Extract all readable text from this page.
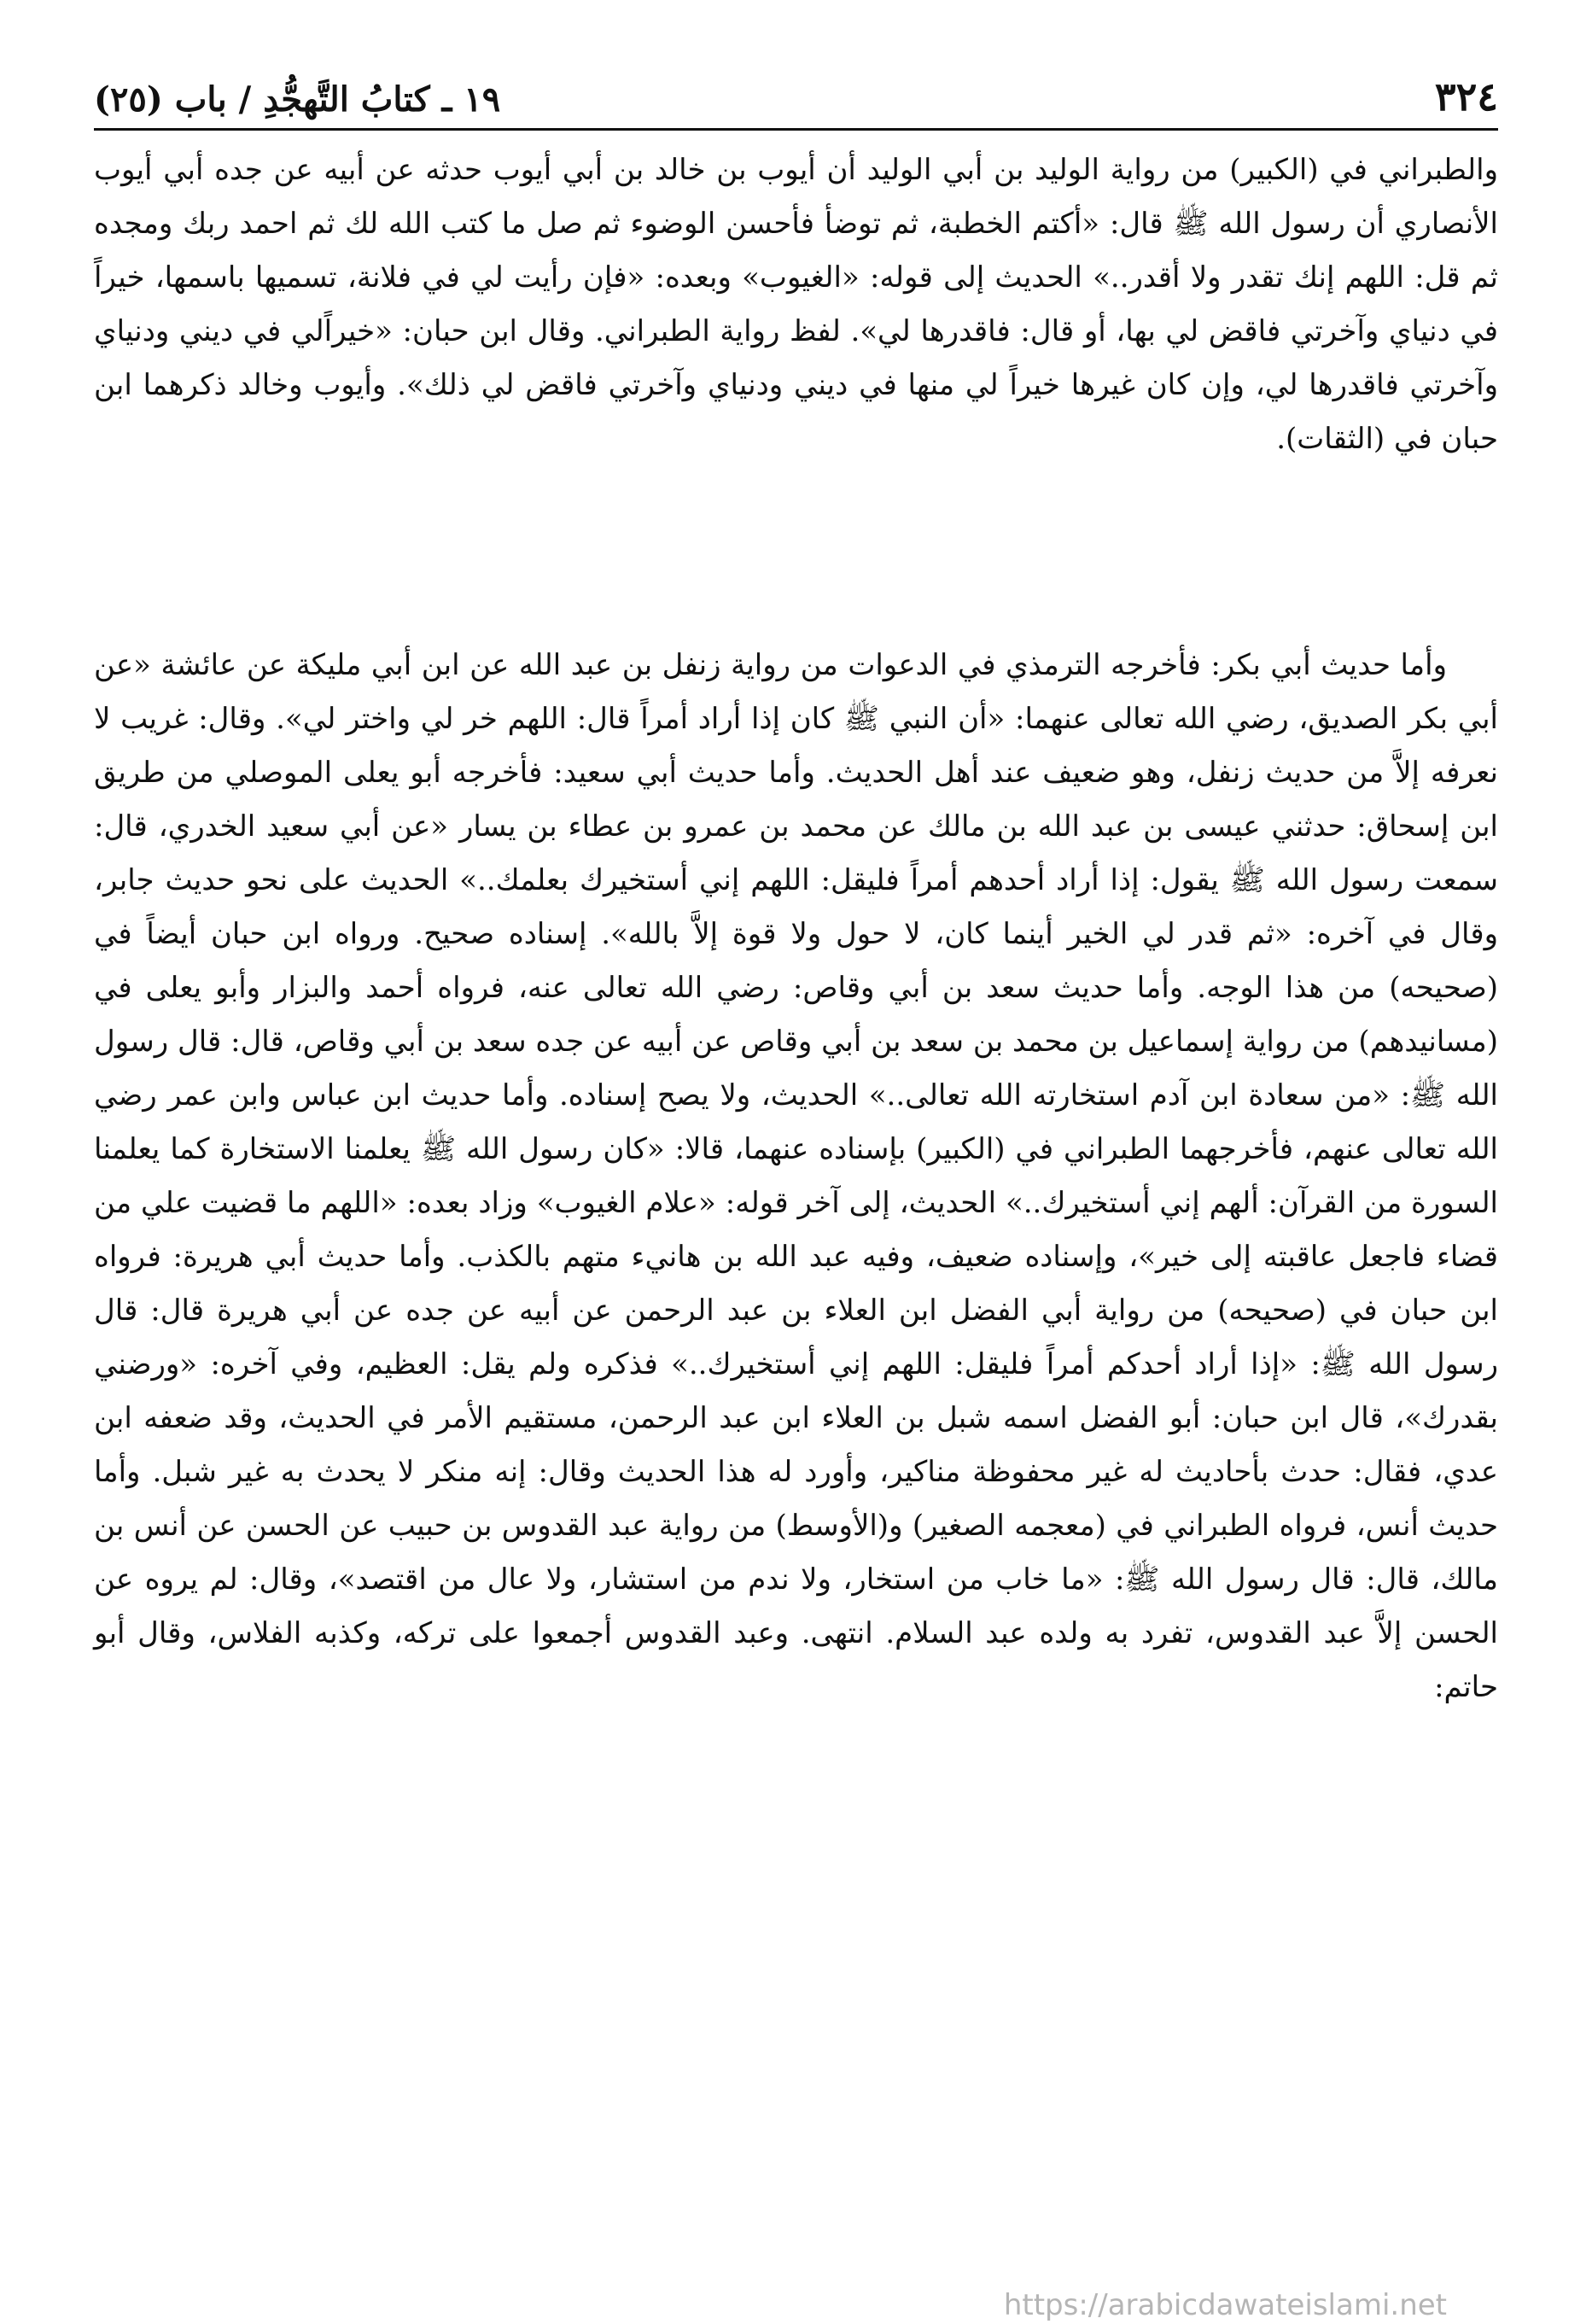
٣٢٤
١٩ ـ كتابُ التَّهجُّدِ / باب (٢٥)

والطبراني في (الكبير) من رواية الوليد بن أبي الوليد أن أيوب بن خالد بن أبي أيوب حدثه عن أبيه عن جده أبي أيوب الأنصاري أن رسول الله ﷺ قال: «أكتم الخطبة، ثم توضأ فأحسن الوضوء ثم صل ما كتب الله لك ثم احمد ربك ومجده ثم قل: اللهم إنك تقدر ولا أقدر..» الحديث إلى قوله: «الغيوب» وبعده: «فإن رأيت لي في فلانة، تسميها باسمها، خيراً في دنياي وآخرتي فاقض لي بها، أو قال: فاقدرها لي». لفظ رواية الطبراني. وقال ابن حبان: «خيراًلي في ديني ودنياي وآخرتي فاقدرها لي، وإن كان غيرها خيراً لي منها في ديني ودنياي وآخرتي فاقض لي ذلك». وأيوب وخالد ذكرهما ابن حبان في (الثقات).

وأما حديث أبي بكر: فأخرجه الترمذي في الدعوات من رواية زنفل بن عبد الله عن ابن أبي مليكة عن عائشة «عن أبي بكر الصديق، رضي الله تعالى عنهما: «أن النبي ﷺ كان إذا أراد أمراً قال: اللهم خر لي واختر لي». وقال: غريب لا نعرفه إلاَّ من حديث زنفل، وهو ضعيف عند أهل الحديث. وأما حديث أبي سعيد: فأخرجه أبو يعلى الموصلي من طريق ابن إسحاق: حدثني عيسى بن عبد الله بن مالك عن محمد بن عمرو بن عطاء بن يسار «عن أبي سعيد الخدري، قال: سمعت رسول الله ﷺ يقول: إذا أراد أحدهم أمراً فليقل: اللهم إني أستخيرك بعلمك..» الحديث على نحو حديث جابر، وقال في آخره: «ثم قدر لي الخير أينما كان، لا حول ولا قوة إلاَّ بالله». إسناده صحيح. ورواه ابن حبان أيضاً في (صحيحه) من هذا الوجه. وأما حديث سعد بن أبي وقاص: رضي الله تعالى عنه، فرواه أحمد والبزار وأبو يعلى في (مسانيدهم) من رواية إسماعيل بن محمد بن سعد بن أبي وقاص عن أبيه عن جده سعد بن أبي وقاص، قال: قال رسول الله ﷺ: «من سعادة ابن آدم استخارته الله تعالى..» الحديث، ولا يصح إسناده. وأما حديث ابن عباس وابن عمر رضي الله تعالى عنهم، فأخرجهما الطبراني في (الكبير) بإسناده عنهما، قالا: «كان رسول الله ﷺ يعلمنا الاستخارة كما يعلمنا السورة من القرآن: ألهم إني أستخيرك..» الحديث، إلى آخر قوله: «علام الغيوب» وزاد بعده: «اللهم ما قضيت علي من قضاء فاجعل عاقبته إلى خير»، وإسناده ضعيف، وفيه عبد الله بن هانيء متهم بالكذب. وأما حديث أبي هريرة: فرواه ابن حبان في (صحيحه) من رواية أبي الفضل ابن العلاء بن عبد الرحمن عن أبيه عن جده عن أبي هريرة قال: قال رسول الله ﷺ: «إذا أراد أحدكم أمراً فليقل: اللهم إني أستخيرك..» فذكره ولم يقل: العظيم، وفي آخره: «ورضني بقدرك»، قال ابن حبان: أبو الفضل اسمه شبل بن العلاء ابن عبد الرحمن، مستقيم الأمر في الحديث، وقد ضعفه ابن عدي، فقال: حدث بأحاديث له غير محفوظة مناكير، وأورد له هذا الحديث وقال: إنه منكر لا يحدث به غير شبل. وأما حديث أنس، فرواه الطبراني في (معجمه الصغير) و(الأوسط) من رواية عبد القدوس بن حبيب عن الحسن عن أنس بن مالك، قال: قال رسول الله ﷺ: «ما خاب من استخار، ولا ندم من استشار، ولا عال من اقتصد»، وقال: لم يروه عن الحسن إلاَّ عبد القدوس، تفرد به ولده عبد السلام. انتهى. وعبد القدوس أجمعوا على تركه، وكذبه الفلاس، وقال أبو حاتم:

https://arabicdawateislami.net
